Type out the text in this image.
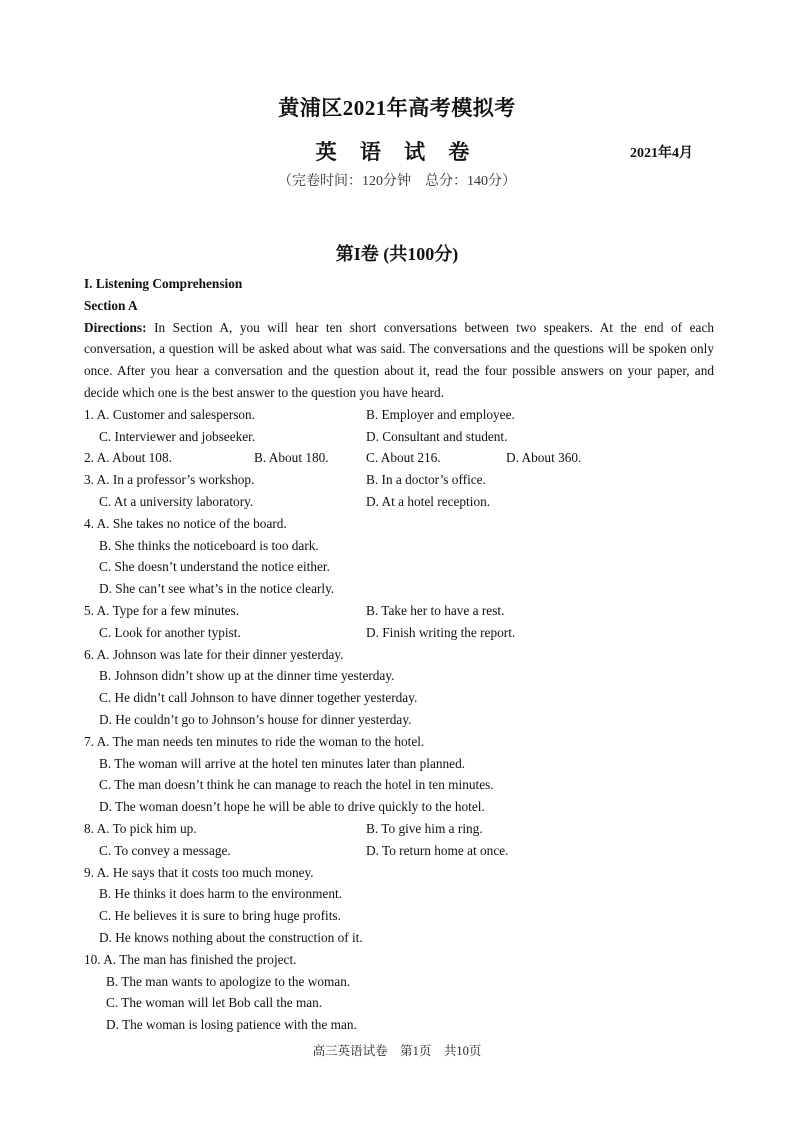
黄浦区2021年高考模拟考
英 语 试 卷	2021年4月
（完卷时间：120分钟　总分：140分）
第I卷 (共100分)
I. Listening Comprehension
Section A

Directions: In Section A, you will hear ten short conversations between two speakers. At the end of each conversation, a question will be asked about what was said. The conversations and the questions will be spoken only once. After you hear a conversation and the question about it, read the four possible answers on your paper, and decide which one is the best answer to the question you have heard.

1. A. Customer and salesperson.	B. Employer and employee.
C. Interviewer and jobseeker.	D. Consultant and student.
2. A. About 108.	B. About 180.	C. About 216.	D. About 360.
3. A. In a professor’s workshop.	B. In a doctor’s office.
C. At a university laboratory.	D. At a hotel reception.
4. A. She takes no notice of the board.
B. She thinks the noticeboard is too dark.
C. She doesn’t understand the notice either.
D. She can’t see what’s in the notice clearly.
5. A. Type for a few minutes.	B. Take her to have a rest.
C. Look for another typist.	D. Finish writing the report.
6. A. Johnson was late for their dinner yesterday.
B. Johnson didn’t show up at the dinner time yesterday.
C. He didn’t call Johnson to have dinner together yesterday.
D. He couldn’t go to Johnson’s house for dinner yesterday.
7. A. The man needs ten minutes to ride the woman to the hotel.
B. The woman will arrive at the hotel ten minutes later than planned.
C. The man doesn’t think he can manage to reach the hotel in ten minutes.
D. The woman doesn’t hope he will be able to drive quickly to the hotel.
8. A. To pick him up.	B. To give him a ring.
C. To convey a message.	D. To return home at once.
9. A. He says that it costs too much money.
B. He thinks it does harm to the environment.
C. He believes it is sure to bring huge profits.
D. He knows nothing about the construction of it.
10. A. The man has finished the project.
B. The man wants to apologize to the woman.
C. The woman will let Bob call the man.
D. The woman is losing patience with the man.
高三英语试卷　第1页　共10页
